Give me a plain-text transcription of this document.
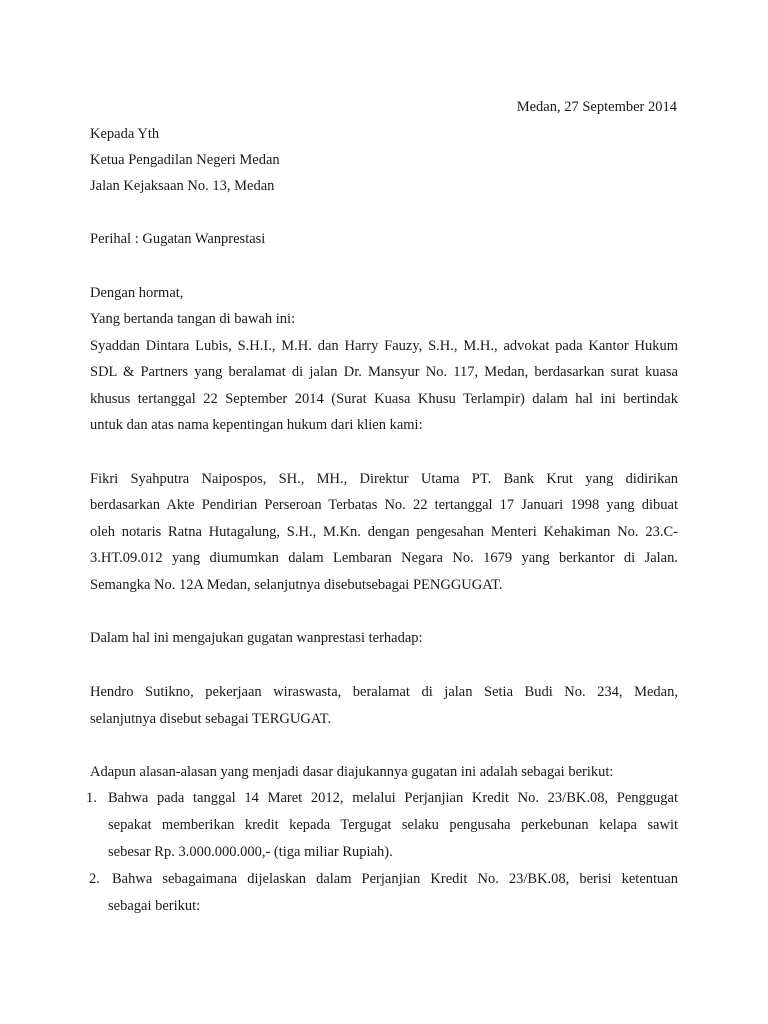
Medan, 27 September 2014
Kepada Yth
Ketua Pengadilan Negeri Medan
Jalan Kejaksaan No. 13, Medan
Perihal : Gugatan Wanprestasi
Dengan hormat,
Yang bertanda tangan di bawah ini:
Syaddan Dintara Lubis, S.H.I., M.H. dan Harry Fauzy, S.H., M.H., advokat pada Kantor Hukum
SDL & Partners yang beralamat di jalan Dr. Mansyur No. 117, Medan, berdasarkan surat kuasa
khusus tertanggal 22 September 2014 (Surat Kuasa Khusu Terlampir) dalam hal ini bertindak
untuk dan atas nama kepentingan hukum dari klien kami:
Fikri Syahputra Naipospos, SH., MH., Direktur Utama PT. Bank Krut yang didirikan
berdasarkan Akte Pendirian Perseroan Terbatas No. 22 tertanggal 17 Januari 1998 yang dibuat
oleh notaris Ratna Hutagalung, S.H., M.Kn. dengan pengesahan Menteri Kehakiman No. 23.C-
3.HT.09.012 yang diumumkan dalam Lembaran Negara No. 1679 yang berkantor di Jalan.
Semangka No. 12A Medan, selanjutnya disebutsebagai PENGGUGAT.
Dalam hal ini mengajukan gugatan wanprestasi terhadap:
Hendro Sutikno, pekerjaan wiraswasta, beralamat di jalan Setia Budi No. 234, Medan,
selanjutnya disebut sebagai TERGUGAT.
Adapun alasan-alasan yang menjadi dasar diajukannya gugatan ini adalah sebagai berikut:
1. Bahwa pada tanggal 14 Maret 2012, melalui Perjanjian Kredit No. 23/BK.08, Penggugat
sepakat memberikan kredit kepada Tergugat selaku pengusaha perkebunan kelapa sawit
sebesar Rp. 3.000.000.000,- (tiga miliar Rupiah).
2. Bahwa sebagaimana dijelaskan dalam Perjanjian Kredit No. 23/BK.08, berisi ketentuan
sebagai berikut:
